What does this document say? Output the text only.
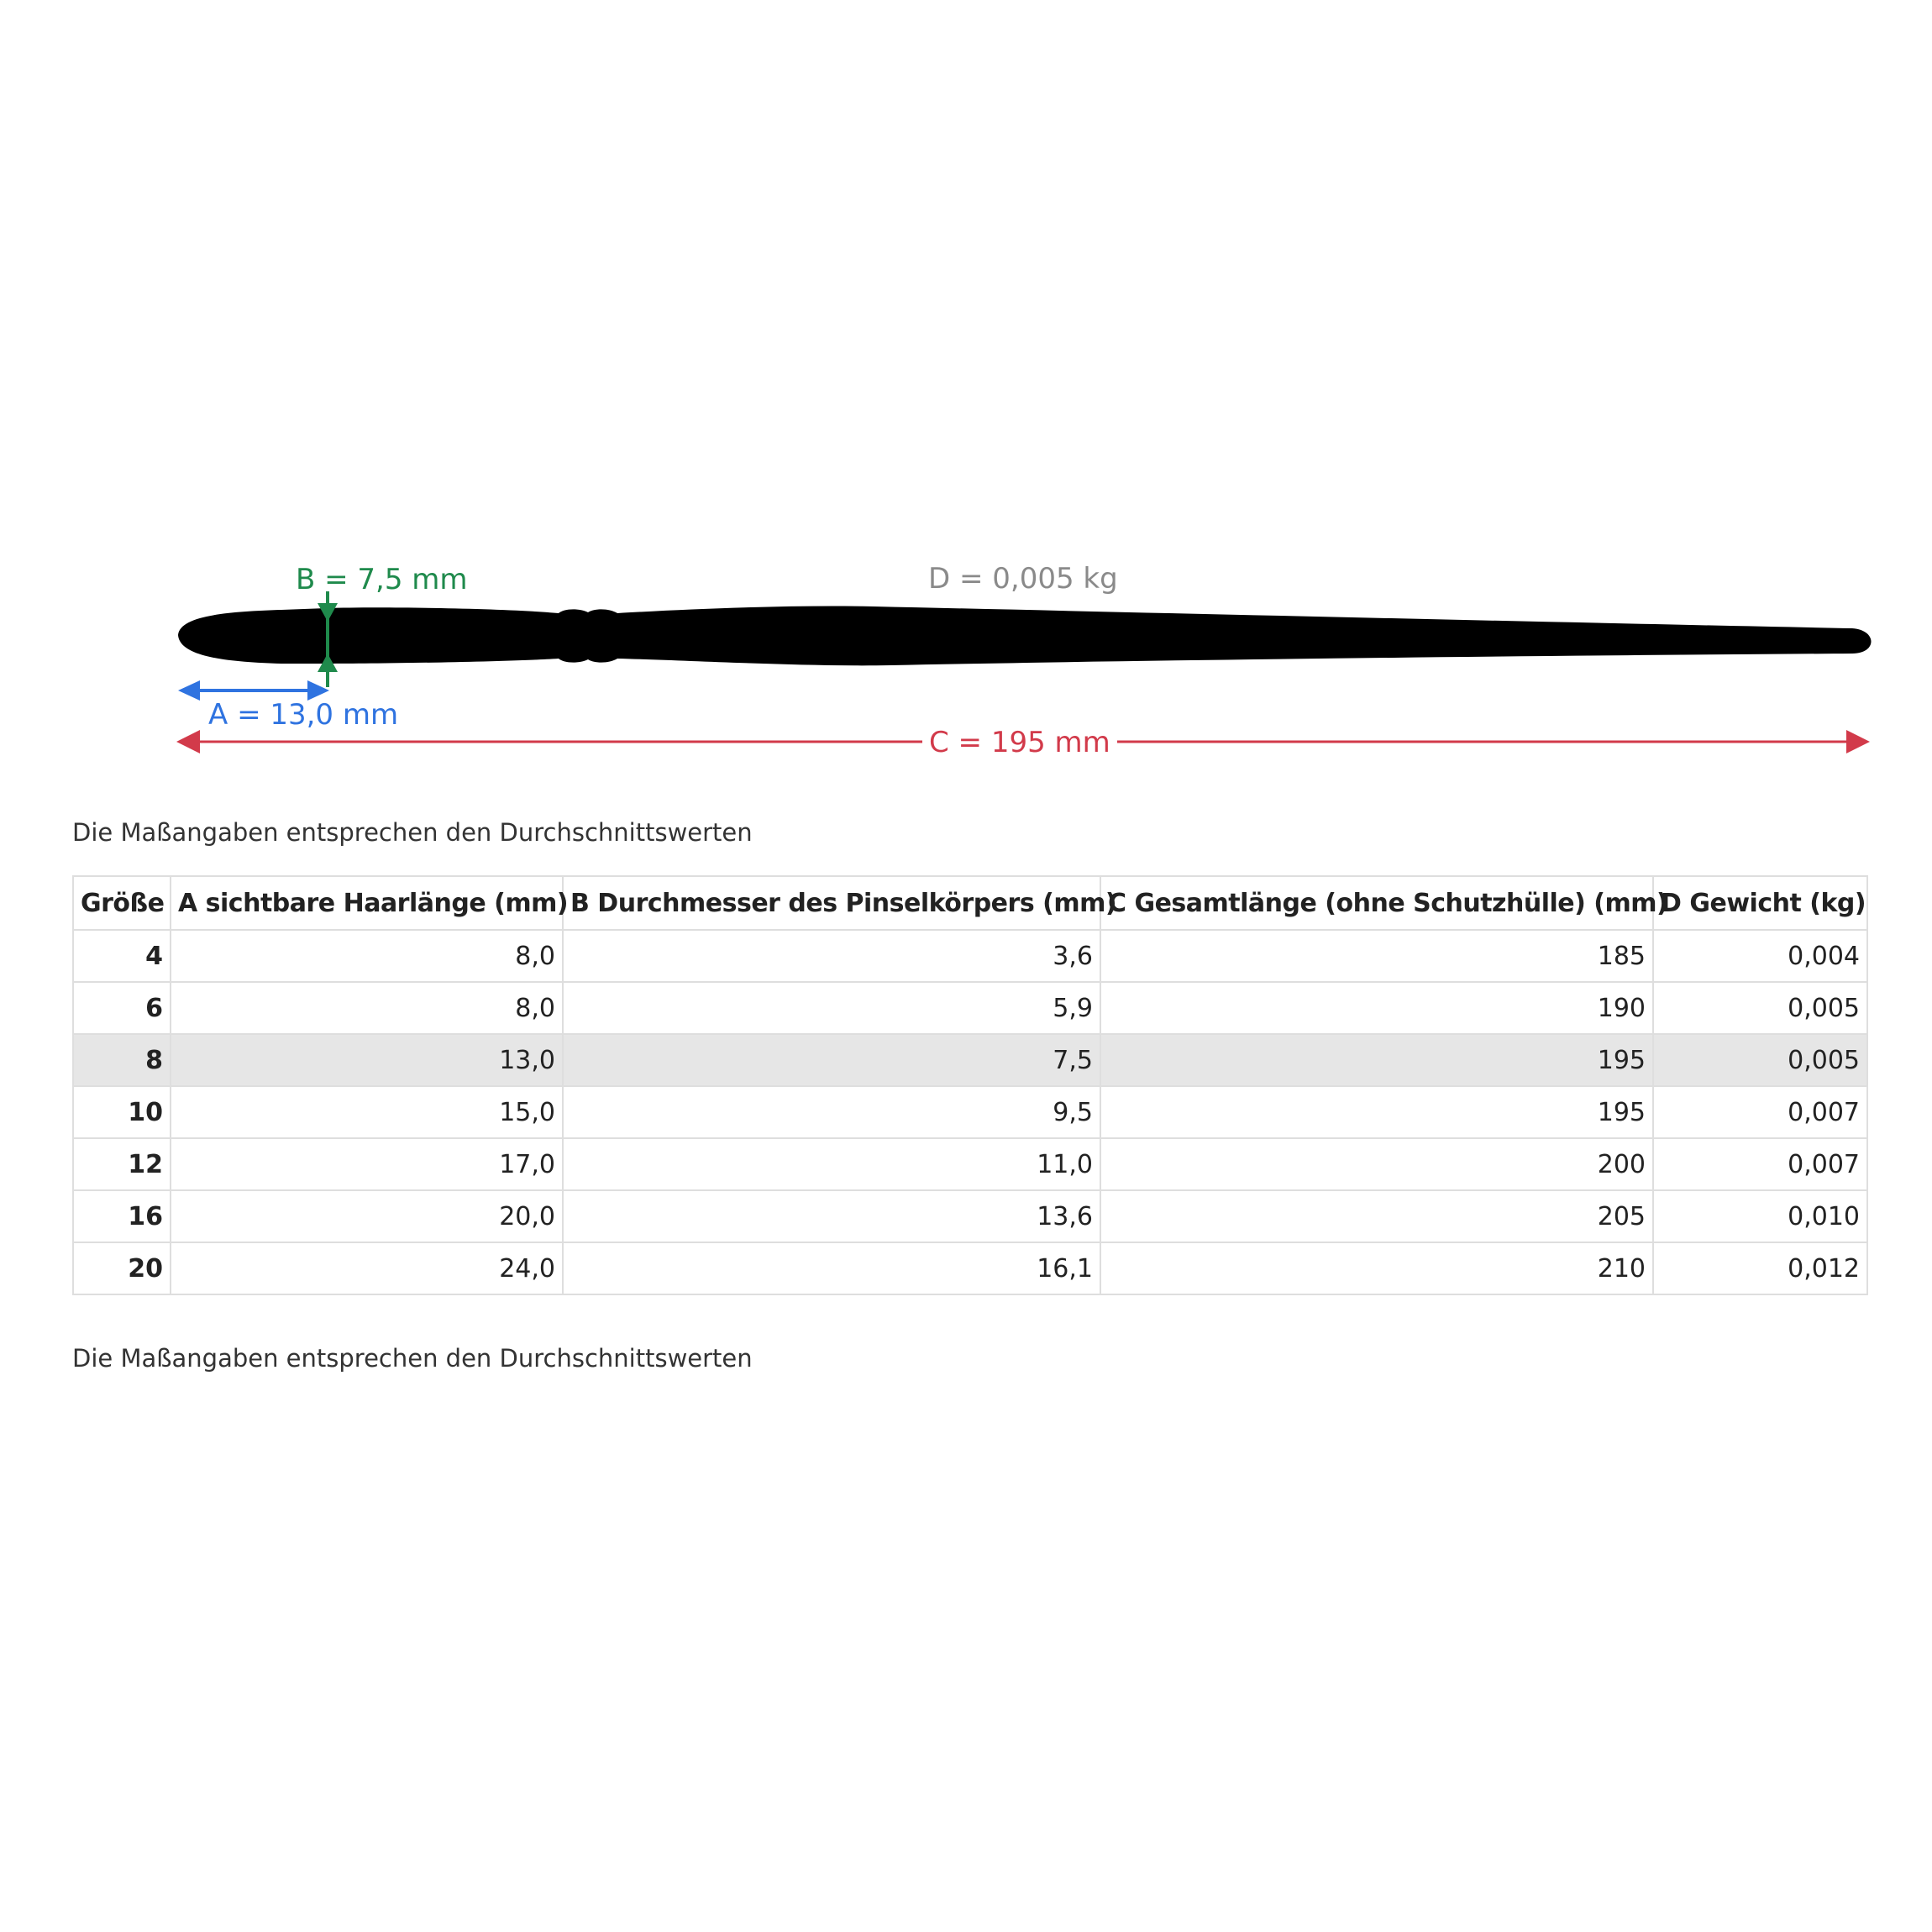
B = 7,5 mm	D = 0,005 kg
A = 13,0 mm
C = 195 mm
Die Maßangaben entsprechen den Durchschnittswerten
Größe	A sichtbare Haarlänge (mm)	B Durchmesser des Pinselkörpers (mm)	C Gesamtlänge (ohne Schutzhülle) (mm)	D Gewicht (kg)
4	8,0	3,6	185	0,004
6	8,0	5,9	190	0,005
8	13,0	7,5	195	0,005
10	15,0	9,5	195	0,007
12	17,0	11,0	200	0,007
16	20,0	13,6	205	0,010
20	24,0	16,1	210	0,012
Die Maßangaben entsprechen den Durchschnittswerten
